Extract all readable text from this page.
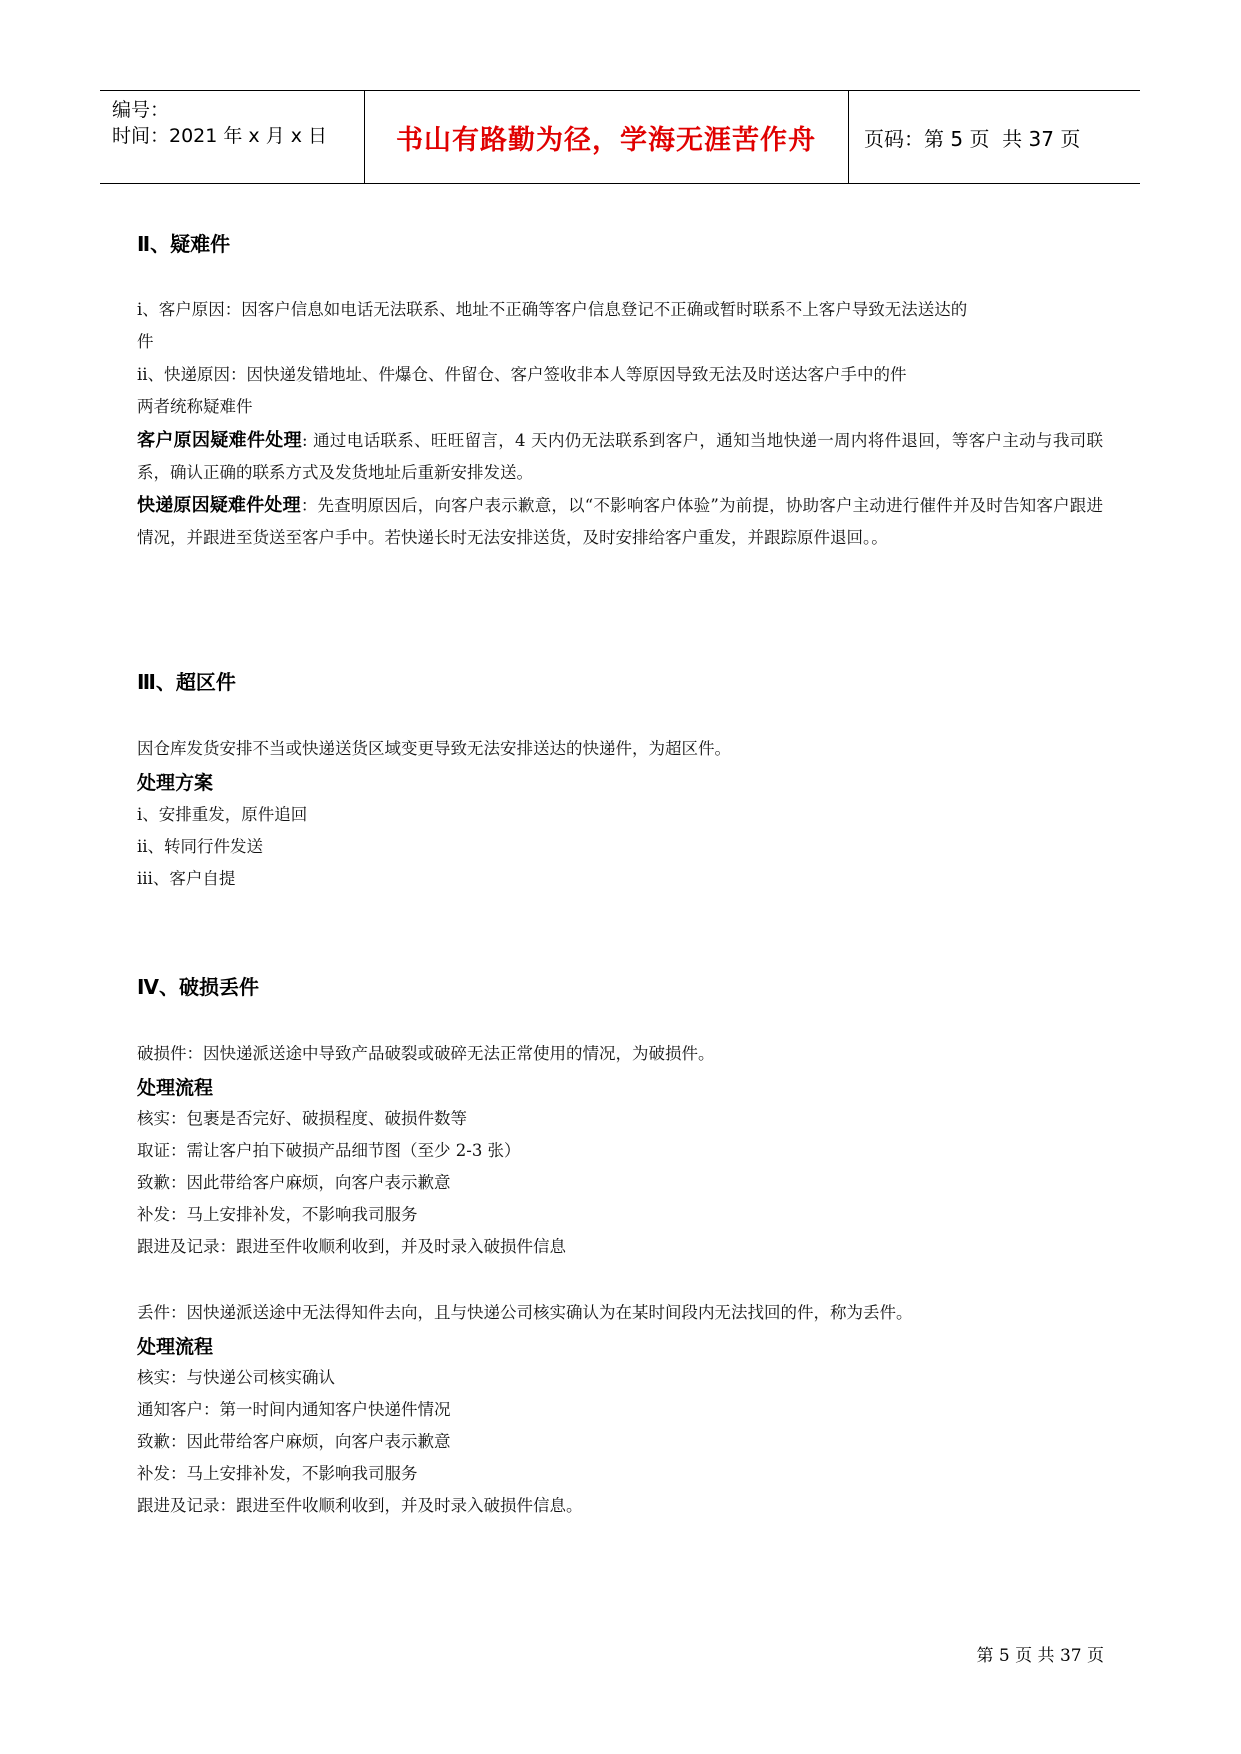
编号：
时间：2021 年 x 月 x 日	书山有路勤为径，学海无涯苦作舟 页码：第 5 页  共 37 页
Ⅱ、疑难件
ⅰ、客户原因：因客户信息如电话无法联系、地址不正确等客户信息登记不正确或暂时联系不上客户导致无法送达的
件
ⅱ、快递原因：因快递发错地址、件爆仓、件留仓、客户签收非本人等原因导致无法及时送达客户手中的件
两者统称疑难件
客户原因疑难件处理: 通过电话联系、旺旺留言，4 天内仍无法联系到客户，通知当地快递一周内将件退回，等客户主动与我司联系，确认正确的联系方式及发货地址后重新安排发送。
快递原因疑难件处理：先查明原因后，向客户表示歉意，以“不影响客户体验”为前提，协助客户主动进行催件并及时告知客户跟进情况，并跟进至货送至客户手中。若快递长时无法安排送货，及时安排给客户重发，并跟踪原件退回。。
Ⅲ、超区件
因仓库发货安排不当或快递送货区域变更导致无法安排送达的快递件，为超区件。
处理方案
ⅰ、安排重发，原件追回
ⅱ、转同行件发送
ⅲ、客户自提
Ⅳ、破损丢件
破损件：因快递派送途中导致产品破裂或破碎无法正常使用的情况，为破损件。
处理流程
核实：包裹是否完好、破损程度、破损件数等
取证：需让客户拍下破损产品细节图（至少 2-3 张）
致歉：因此带给客户麻烦，向客户表示歉意
补发：马上安排补发，不影响我司服务
跟进及记录：跟进至件收顺利收到，并及时录入破损件信息
丢件：因快递派送途中无法得知件去向，且与快递公司核实确认为在某时间段内无法找回的件，称为丢件。
处理流程
核实：与快递公司核实确认
通知客户：第一时间内通知客户快递件情况
致歉：因此带给客户麻烦，向客户表示歉意
补发：马上安排补发，不影响我司服务
跟进及记录：跟进至件收顺利收到，并及时录入破损件信息。
第 5 页 共 37 页
